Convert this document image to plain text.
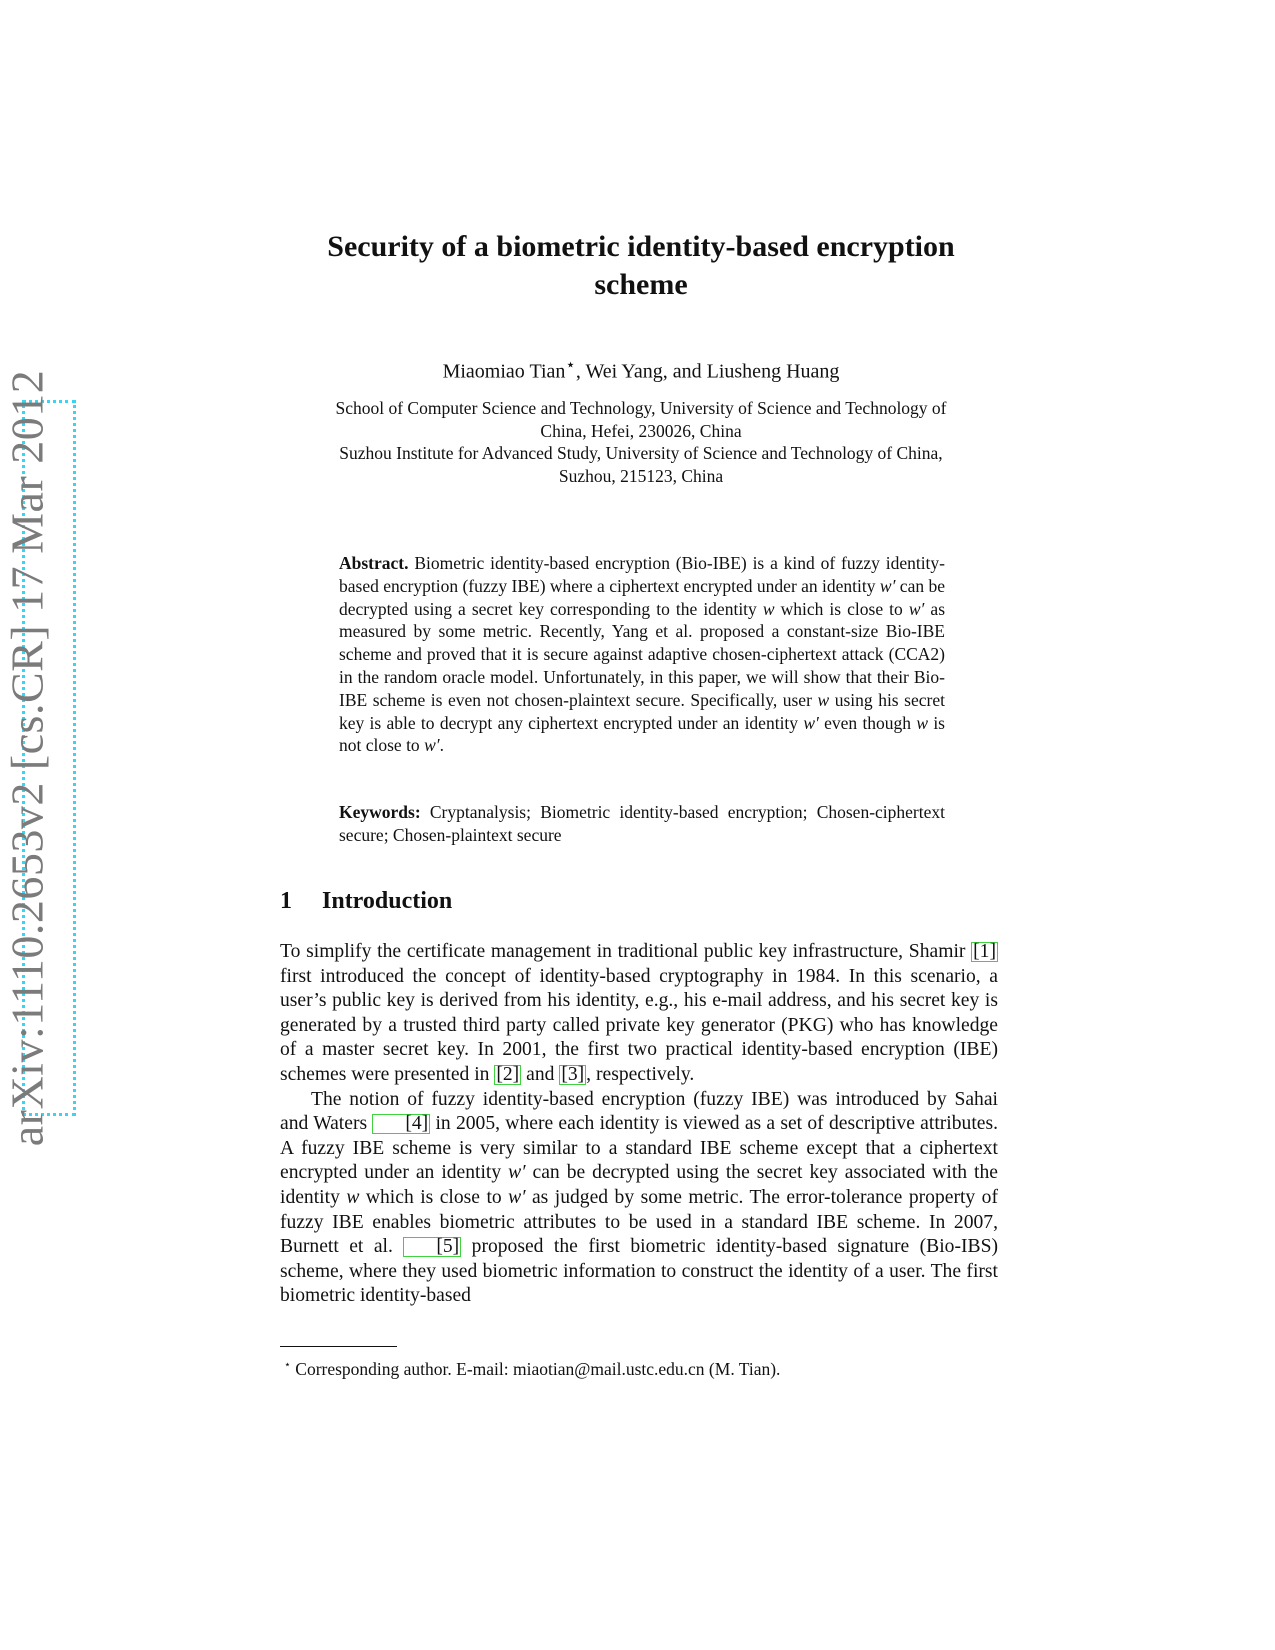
arXiv:1110.2653v2 [cs.CR] 17 Mar 2012
Security of a biometric identity-based encryption
scheme
Miaomiao Tian⋆, Wei Yang, and Liusheng Huang
School of Computer Science and Technology, University of Science and Technology of
China, Hefei, 230026, China
Suzhou Institute for Advanced Study, University of Science and Technology of China,
Suzhou, 215123, China
Abstract. Biometric identity-based encryption (Bio-IBE) is a kind of fuzzy identity-based encryption (fuzzy IBE) where a ciphertext encrypted under an identity w′ can be decrypted using a secret key corresponding to the identity w which is close to w′ as measured by some metric. Recently, Yang et al. proposed a constant-size Bio-IBE scheme and proved that it is secure against adaptive chosen-ciphertext attack (CCA2) in the random oracle model. Unfortunately, in this paper, we will show that their Bio-IBE scheme is even not chosen-plaintext secure. Specifically, user w using his secret key is able to decrypt any ciphertext encrypted under an identity w′ even though w is not close to w′.
Keywords: Cryptanalysis; Biometric identity-based encryption; Chosen-ciphertext secure; Chosen-plaintext secure
1 Introduction

To simplify the certificate management in traditional public key infrastructure, Shamir [1] first introduced the concept of identity-based cryptography in 1984. In this scenario, a user’s public key is derived from his identity, e.g., his e-mail address, and his secret key is generated by a trusted third party called private key generator (PKG) who has knowledge of a master secret key. In 2001, the first two practical identity-based encryption (IBE) schemes were presented in [2] and [3] , respectively.

The notion of fuzzy identity-based encryption (fuzzy IBE) was introduced by Sahai and Waters [4] in 2005, where each identity is viewed as a set of descriptive attributes. A fuzzy IBE scheme is very similar to a standard IBE scheme except that a ciphertext encrypted under an identity w′ can be decrypted using the secret key associated with the identity w which is close to w′ as judged by some metric. The error-tolerance property of fuzzy IBE enables biometric attributes to be used in a standard IBE scheme. In 2007, Burnett et al. [5] proposed the first biometric identity-based signature (Bio-IBS) scheme, where they used biometric information to construct the identity of a user. The first biometric identity-based

⋆ Corresponding author. E-mail: miaotian@mail.ustc.edu.cn (M. Tian).
